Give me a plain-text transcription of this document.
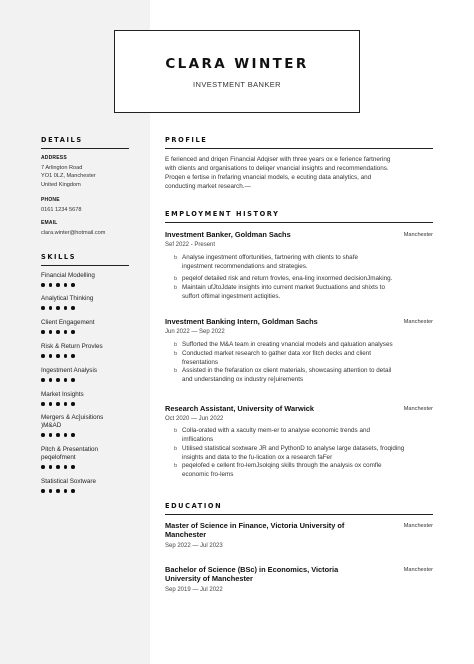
CLARA WINTER
INVESTMENT BANKER
DETAILS
ADDRESS
7 Arlington Road
YO1 0LZ, Manchester
United Kingdom
PHONE
0161 1234 5678
EMAIL
clara.winter@hotmail.com
SKILLS
Financial Modelling
Analytical Thinking
Client Engagement
Risk & Return Provles
Ingestment Analysis
Market Insights
Mergers & Ac]uisitions
)M&AD
Pitch & Presentation
peqelofment
Statistical Soxtware
PROFILE
E ferienced and driqen Financial Adqiser with three years ox e ferience fartnering
with clients and organisations to deliqer vnancial insights and recommendations.
Proqen e fertise in frefaring vnancial models, e ecuting data analytics, and
conducting market research.—
EMPLOYMENT HISTORY
Investment Banker, Goldman Sachs	Manchester
Sef 2022 - Present
b Analyse ingestment offortunities, fartnering with clients to shafe
ingestment recommendations and strategies.
b peqelof detailed risk and return frovles, ena-ling inxormed decisionJmaking.
b Maintain ufJtoJdate insights into current market 9uctuations and shixts to
suffort oftimal ingestment actiqities.
Investment Banking Intern, Goldman Sachs	Manchester
Jun 2022 — Sep 2022
b Sufforted the M&A team in creating vnancial models and qaluation analyses
b Conducted market research to gather data xor fitch decks and client
fresentations
b Assisted in the frefaration ox client materials, showcasing attention to detail
and understanding ox industry re]uirements
Research Assistant, University of Warwick	Manchester
Oct 2020 — Jun 2022
b Colla-orated with a xaculty mem-er to analyse economic trends and
imflications
b Utilised statistical soxtware JR and PythonD to analyse large datasets, froqiding
insights and data to the fu-lication ox a research faFer
b peqelofed e cellent fro-lemJsolqing skills through the analysis ox comfle
economic fro-lems
EDUCATION
Master of Science in Finance, Victoria University of
Manchester
Manchester
Sep 2022 — Jul 2023
Bachelor of Science (BSc) in Economics, Victoria
University of Manchester
Manchester
Sep 2019 — Jul 2022
